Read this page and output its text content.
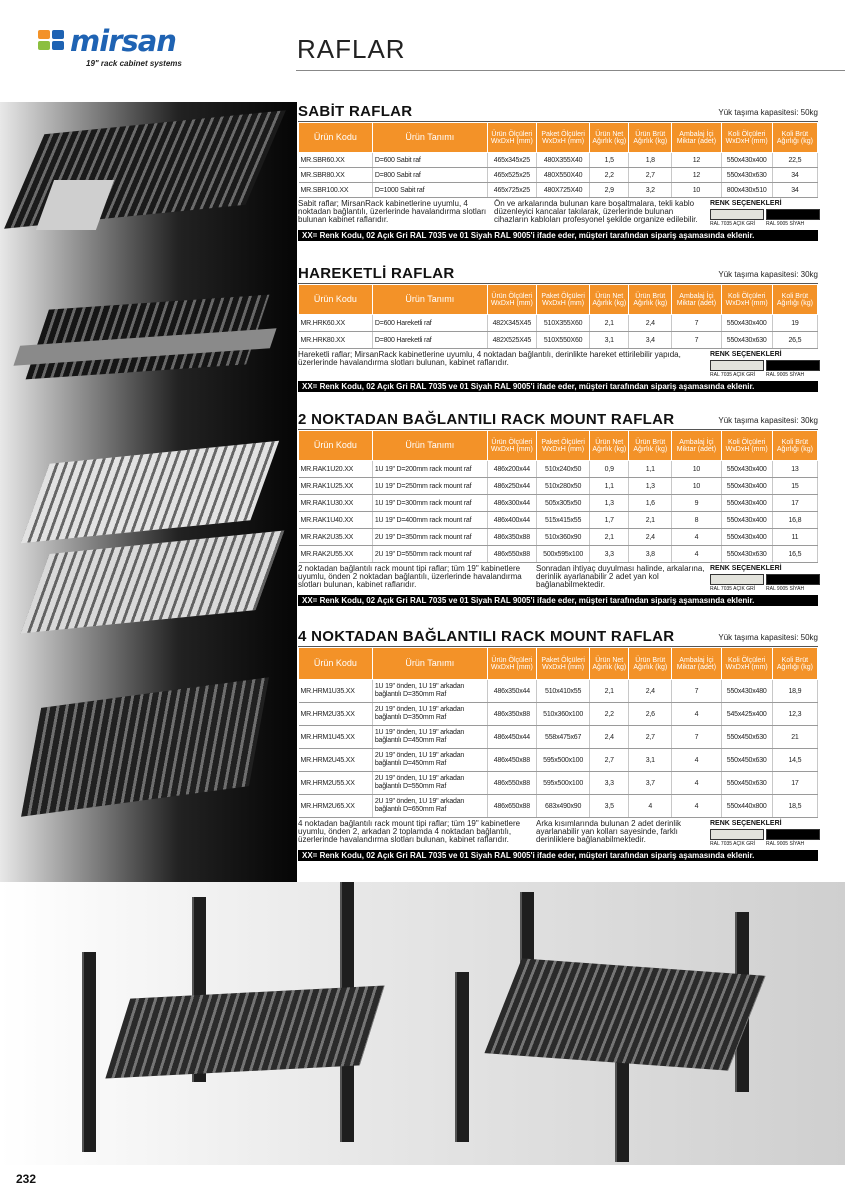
mirsan
19" rack cabinet systems	RAFLAR
232
SABİT RAFLAR	Yük taşıma kapasitesi: 50kg
Ürün Kodu	Ürün Tanımı	Ürün Ölçüleri WxDxH (mm)	Paket Ölçüleri WxDxH (mm)	Ürün Net Ağırlık (kg)	Ürün Brüt Ağırlık (kg)	Ambalaj İçi Miktar (adet)	Koli Ölçüleri WxDxH (mm)	Koli Brüt Ağırlığı (kg)
MR.SBR60.XX	D=600 Sabit raf	465x345x25	480X355X40	1,5	1,8	12	550x430x400	22,5
MR.SBR80.XX	D=800 Sabit raf	465x525x25	480X550X40	2,2	2,7	12	550x430x630	34
MR.SBR100.XX	D=1000 Sabit raf	465x725x25	480X725X40	2,9	3,2	10	800x430x510	34
Sabit raflar; MirsanRack kabinetlerine uyumlu, 4 noktadan bağlantılı, üzerlerinde havalandırma slotları bulunan kabinet raflarıdır.
Ön ve arkalarında bulunan kare boşaltmalara, tekli kablo düzenleyici kancalar takılarak, üzerlerinde bulunan cihazların kabloları profesyonel şekilde organize edilebilir.
RENK SEÇENEKLERİ
RAL 7035 AÇIK GRİ RAL 9005 SİYAH
XX= Renk Kodu, 02 Açık Gri RAL 7035 ve 01 Siyah RAL 9005'i ifade eder, müşteri tarafından sipariş aşamasında eklenir.
HAREKETLİ RAFLAR	Yük taşıma kapasitesi: 30kg
Ürün Kodu	Ürün Tanımı	Ürün Ölçüleri WxDxH (mm)	Paket Ölçüleri WxDxH (mm)	Ürün Net Ağırlık (kg)	Ürün Brüt Ağırlık (kg)	Ambalaj İçi Miktar (adet)	Koli Ölçüleri WxDxH (mm)	Koli Brüt Ağırlığı (kg)
MR.HRK60.XX	D=600 Hareketli raf	482X345X45	510X355X60	2,1	2,4	7	550x430x400	19
MR.HRK80.XX	D=800 Hareketli raf	482X525X45	510X550X60	3,1	3,4	7	550x430x630	26,5
Hareketli raflar; MirsanRack kabinetlerine uyumlu, 4 noktadan bağlantılı, derinlikte hareket ettirilebilir yapıda, üzerlerinde havalandırma slotları bulunan, kabinet raflarıdır.
RENK SEÇENEKLERİ
RAL 7035 AÇIK GRİ RAL 9005 SİYAH
XX= Renk Kodu, 02 Açık Gri RAL 7035 ve 01 Siyah RAL 9005'i ifade eder, müşteri tarafından sipariş aşamasında eklenir.
2 NOKTADAN BAĞLANTILI RACK MOUNT RAFLAR	Yük taşıma kapasitesi: 30kg
Ürün Kodu	Ürün Tanımı	Ürün Ölçüleri WxDxH (mm)	Paket Ölçüleri WxDxH (mm)	Ürün Net Ağırlık (kg)	Ürün Brüt Ağırlık (kg)	Ambalaj İçi Miktar (adet)	Koli Ölçüleri WxDxH (mm)	Koli Brüt Ağırlığı (kg)
MR.RAK1U20.XX	1U 19" D=200mm rack mount raf	486x200x44	510x240x50	0,9	1,1	10	550x430x400	13
MR.RAK1U25.XX	1U 19" D=250mm rack mount raf	486x250x44	510x280x50	1,1	1,3	10	550x430x400	15
MR.RAK1U30.XX	1U 19" D=300mm rack mount raf	486x300x44	505x305x50	1,3	1,6	9	550x430x400	17
MR.RAK1U40.XX	1U 19" D=400mm rack mount raf	486x400x44	515x415x55	1,7	2,1	8	550x430x400	16,8
MR.RAK2U35.XX	2U 19" D=350mm rack mount raf	486x350x88	510x360x90	2,1	2,4	4	550x430x400	11
MR.RAK2U55.XX	2U 19" D=550mm rack mount raf	486x550x88	500x595x100	3,3	3,8	4	550x430x630	16,5
2 noktadan bağlantılı rack mount tipi raflar; tüm 19" kabinetlere uyumlu, önden 2 noktadan bağlantılı, üzerlerinde havalandırma slotları bulunan, kabinet raflarıdır.
Sonradan ihtiyaç duyulması halinde, arkalarına, derinlik ayarlanabilir 2 adet yan kol bağlanabilmektedir.
RENK SEÇENEKLERİ
RAL 7035 AÇIK GRİ RAL 9005 SİYAH
XX= Renk Kodu, 02 Açık Gri RAL 7035 ve 01 Siyah RAL 9005'i ifade eder, müşteri tarafından sipariş aşamasında eklenir.
4 NOKTADAN BAĞLANTILI RACK MOUNT RAFLAR	Yük taşıma kapasitesi: 50kg
Ürün Kodu	Ürün Tanımı	Ürün Ölçüleri WxDxH (mm)	Paket Ölçüleri WxDxH (mm)	Ürün Net Ağırlık (kg)	Ürün Brüt Ağırlık (kg)	Ambalaj İçi Miktar (adet)	Koli Ölçüleri WxDxH (mm)	Koli Brüt Ağırlığı (kg)
MR.HRM1U35.XX	1U 19" önden, 1U 19" arkadan
bağlantılı D=350mm Raf	486x350x44	510x410x55	2,1	2,4	7	550x430x480	18,9
MR.HRM2U35.XX	2U 19" önden, 1U 19" arkadan
bağlantılı D=350mm Raf	486x350x88	510x360x100	2,2	2,6	4	545x425x400	12,3
MR.HRM1U45.XX	1U 19" önden, 1U 19" arkadan
bağlantılı D=450mm Raf	486x450x44	558x475x67	2,4	2,7	7	550x450x630	21
MR.HRM2U45.XX	2U 19" önden, 1U 19" arkadan
bağlantılı D=450mm Raf	486x450x88	595x500x100	2,7	3,1	4	550x450x630	14,5
MR.HRM2U55.XX	2U 19" önden, 1U 19" arkadan
bağlantılı D=550mm Raf	486x550x88	595x500x100	3,3	3,7	4	550x450x630	17
MR.HRM2U65.XX	2U 19" önden, 1U 19" arkadan
bağlantılı D=650mm Raf	486x650x88	683x490x90	3,5	4	4	550x440x800	18,5
4 noktadan bağlantılı rack mount tipi raflar; tüm 19" kabinetlere uyumlu, önden 2, arkadan 2 toplamda 4 noktadan bağlantılı, üzerlerinde havalandırma slotları bulunan, kabinet raflarıdır.
Arka kısımlarında bulunan 2 adet derinlik ayarlanabilir yan kolları sayesinde, farklı derinliklere bağlanabilmektedir.
RENK SEÇENEKLERİ
RAL 7035 AÇIK GRİ RAL 9005 SİYAH
XX= Renk Kodu, 02 Açık Gri RAL 7035 ve 01 Siyah RAL 9005'i ifade eder, müşteri tarafından sipariş aşamasında eklenir.
